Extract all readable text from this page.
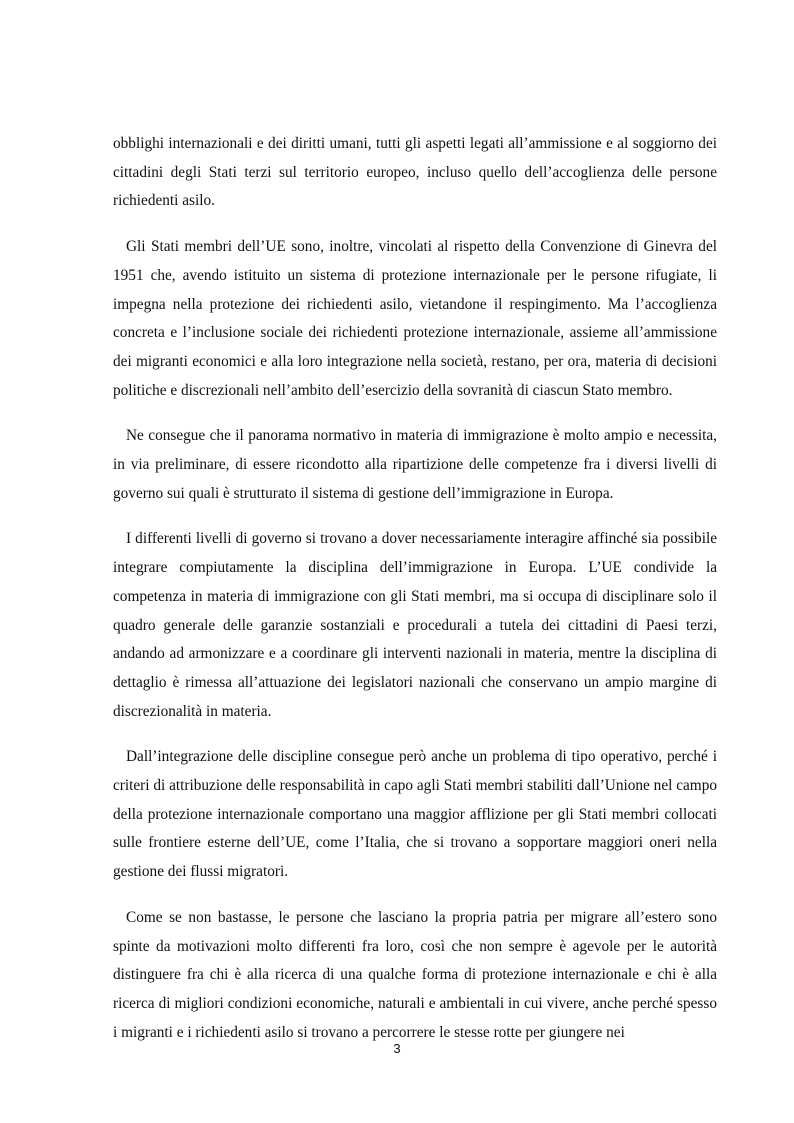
obblighi internazionali e dei diritti umani, tutti gli aspetti legati all’ammissione e al soggiorno dei cittadini degli Stati terzi sul territorio europeo, incluso quello dell’accoglienza delle persone richiedenti asilo.

Gli Stati membri dell’UE sono, inoltre, vincolati al rispetto della Convenzione di Ginevra del 1951 che, avendo istituito un sistema di protezione internazionale per le persone rifugiate, li impegna nella protezione dei richiedenti asilo, vietandone il respingimento. Ma l’accoglienza concreta e l’inclusione sociale dei richiedenti protezione internazionale, assieme all’ammissione dei migranti economici e alla loro integrazione nella società, restano, per ora, materia di decisioni politiche e discrezionali nell’ambito dell’esercizio della sovranità di ciascun Stato membro.

Ne consegue che il panorama normativo in materia di immigrazione è molto ampio e necessita, in via preliminare, di essere ricondotto alla ripartizione delle competenze fra i diversi livelli di governo sui quali è strutturato il sistema di gestione dell’immigrazione in Europa.

I differenti livelli di governo si trovano a dover necessariamente interagire affinché sia possibile integrare compiutamente la disciplina dell’immigrazione in Europa. L’UE condivide la competenza in materia di immigrazione con gli Stati membri, ma si occupa di disciplinare solo il quadro generale delle garanzie sostanziali e procedurali a tutela dei cittadini di Paesi terzi, andando ad armonizzare e a coordinare gli interventi nazionali in materia, mentre la disciplina di dettaglio è rimessa all’attuazione dei legislatori nazionali che conservano un ampio margine di discrezionalità in materia.

Dall’integrazione delle discipline consegue però anche un problema di tipo operativo, perché i criteri di attribuzione delle responsabilità in capo agli Stati membri stabiliti dall’Unione nel campo della protezione internazionale comportano una maggior afflizione per gli Stati membri collocati sulle frontiere esterne dell’UE, come l’Italia, che si trovano a sopportare maggiori oneri nella gestione dei flussi migratori.

Come se non bastasse, le persone che lasciano la propria patria per migrare all’estero sono spinte da motivazioni molto differenti fra loro, così che non sempre è agevole per le autorità distinguere fra chi è alla ricerca di una qualche forma di protezione internazionale e chi è alla ricerca di migliori condizioni economiche, naturali e ambientali in cui vivere, anche perché spesso i migranti e i richiedenti asilo si trovano a percorrere le stesse rotte per giungere nei

3
